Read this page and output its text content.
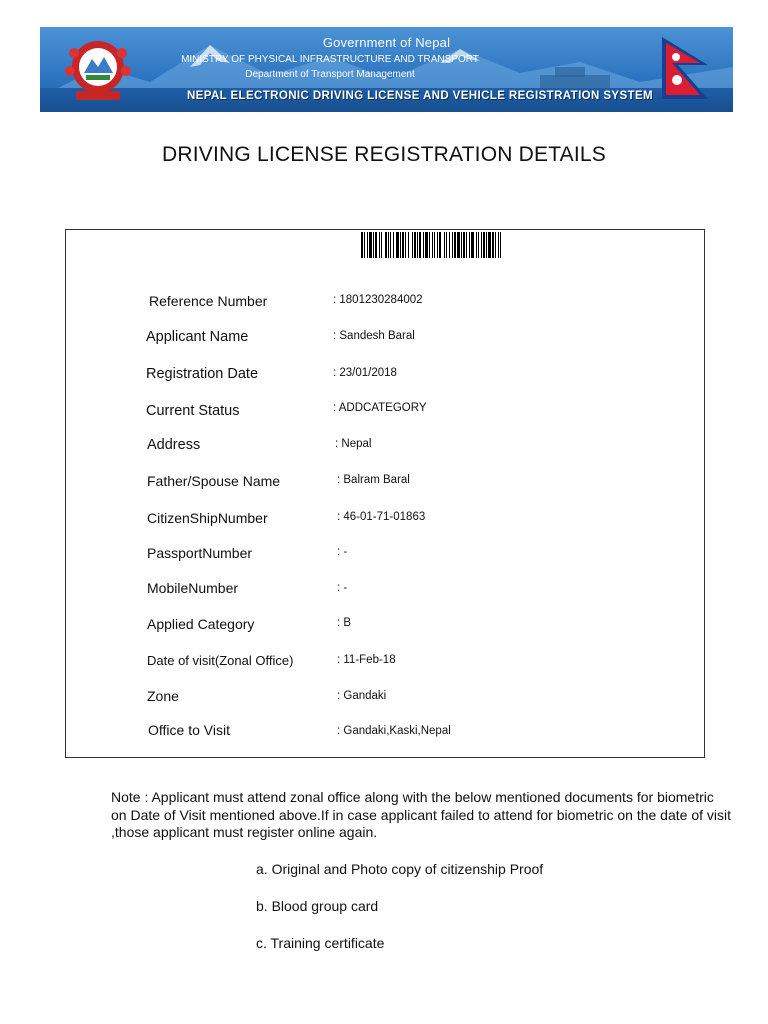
Government of Nepal
MINISTRY OF PHYSICAL INFRASTRUCTURE AND TRANSPORT
Department of Transport Management
NEPAL ELECTRONIC DRIVING LICENSE AND VEHICLE REGISTRATION SYSTEM
DRIVING LICENSE REGISTRATION DETAILS
Reference Number	: 1801230284002
Applicant Name	: Sandesh Baral
Registration Date	: 23/01/2018
Current Status	: ADDCATEGORY
Address	: Nepal
Father/Spouse Name	: Balram Baral
CitizenShipNumber	: 46-01-71-01863
PassportNumber	: -
MobileNumber	: -
Applied Category	: B
Date of visit(Zonal Office)	: 11-Feb-18
Zone	: Gandaki
Office to Visit	: Gandaki,Kaski,Nepal
Note : Applicant must attend zonal office along with the below mentioned documents for biometric on Date of Visit mentioned above.If in case applicant failed to attend for biometric on the date of visit ,those applicant must register online again.
a. Original and Photo copy of citizenship Proof
b. Blood group card
c. Training certificate
